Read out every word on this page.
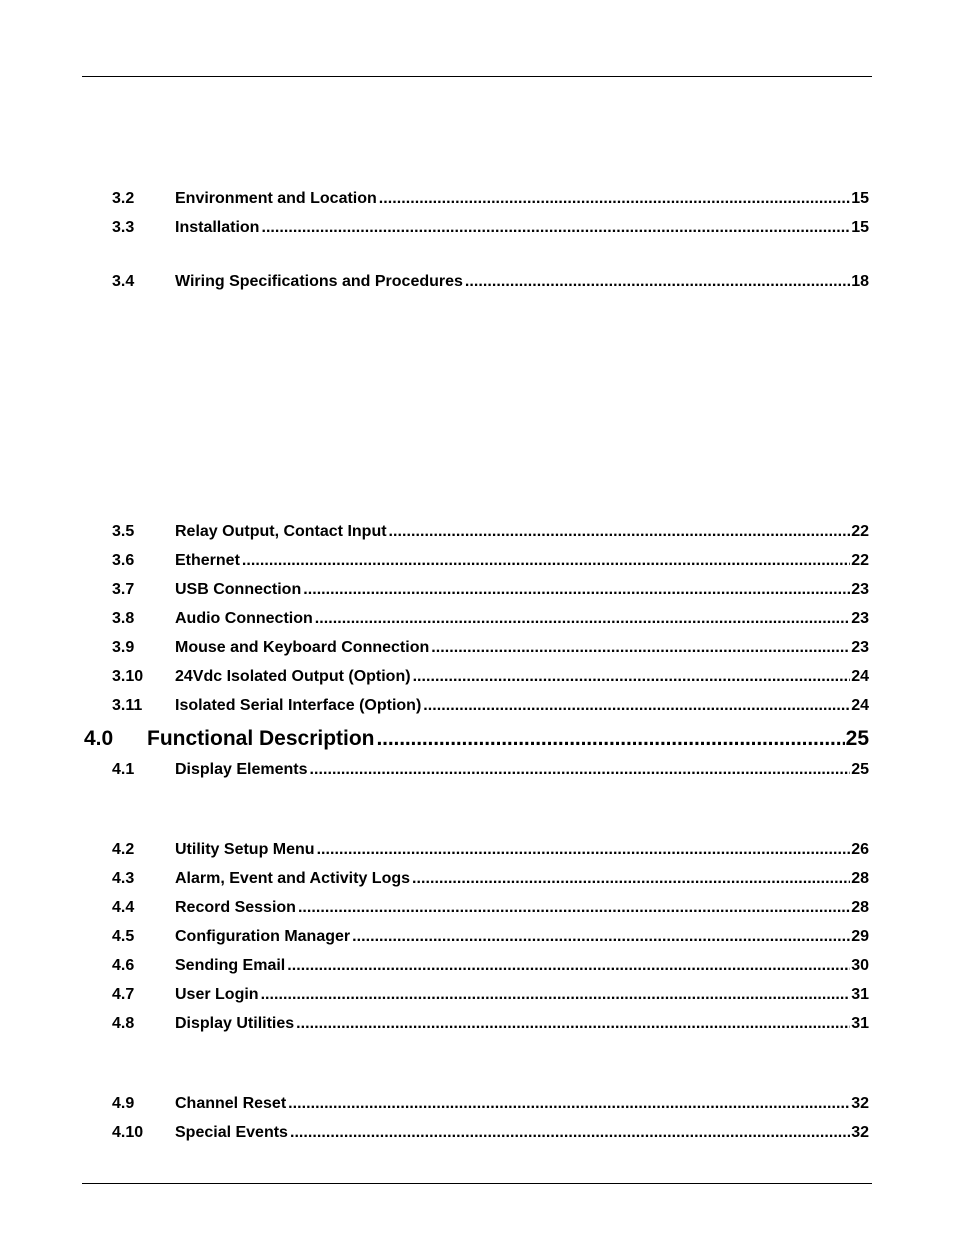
3.2	Environment and Location . . .	15
3.3	Installation . . .	15
3.4	Wiring Specifications and Procedures . . .	18
3.5	Relay Output, Contact Input . . .	22
3.6	Ethernet . . .	22
3.7	USB Connection . . .	23
3.8	Audio Connection . . .	23
3.9	Mouse and Keyboard Connection . . .	23
3.10 24Vdc Isolated Output (Option) . . .	24
3.11 Isolated Serial Interface (Option) . . .	24
4.0 Functional Description . . .	25
4.1	Display Elements . . .	25
4.2	Utility Setup Menu . . .	26
4.3	Alarm, Event and Activity Logs . . .	28
4.4	Record Session . . .	28
4.5	Configuration Manager . . .	29
4.6	Sending Email . . .	30
4.7	User Login . . .	31
4.8	Display Utilities . . .	31
4.9	Channel Reset . . .	32
4.10 Special Events . . .	32
